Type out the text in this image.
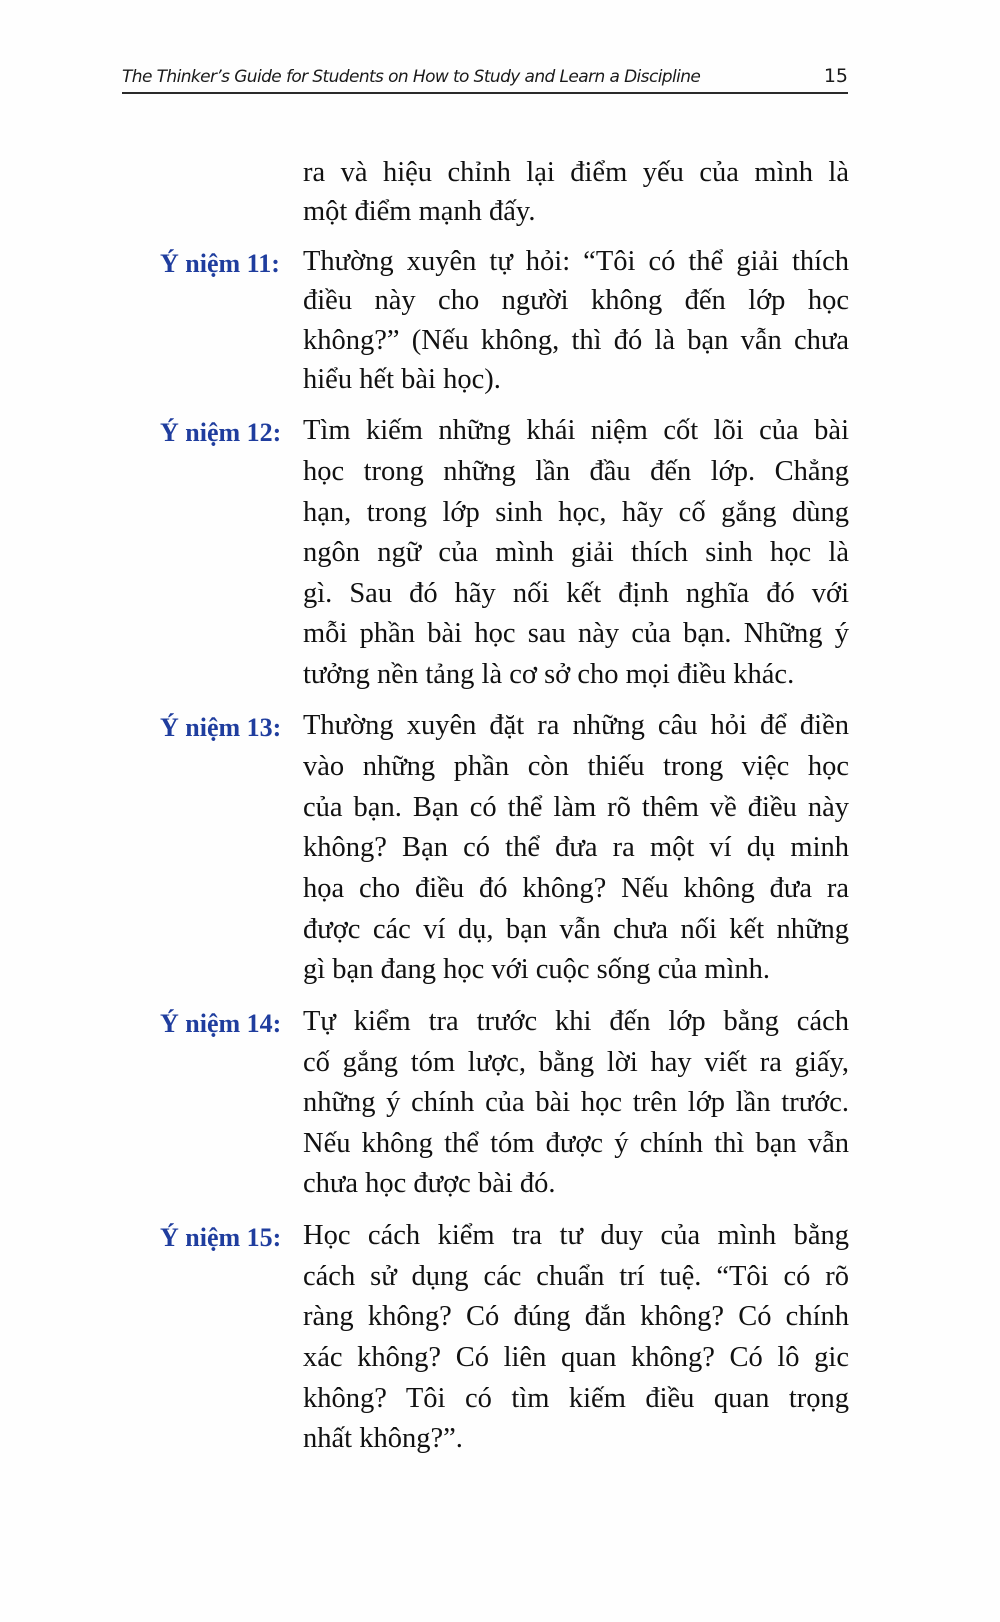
The Thinker’s Guide for Students on How to Study and Learn a Discipline	15
ra và hiệu chỉnh lại điểm yếu của mình là
một điểm mạnh đấy.
Ý niệm 11: Thường xuyên tự hỏi: “Tôi có thể giải thích
điều này cho người không đến lớp học
không?” (Nếu không, thì đó là bạn vẫn chưa
hiểu hết bài học).
Ý niệm 12: Tìm kiếm những khái niệm cốt lõi của bài
học trong những lần đầu đến lớp. Chẳng
hạn, trong lớp sinh học, hãy cố gắng dùng
ngôn ngữ của mình giải thích sinh học là
gì. Sau đó hãy nối kết định nghĩa đó với
mỗi phần bài học sau này của bạn. Những ý
tưởng nền tảng là cơ sở cho mọi điều khác.
Ý niệm 13: Thường xuyên đặt ra những câu hỏi để điền
vào những phần còn thiếu trong việc học
của bạn. Bạn có thể làm rõ thêm về điều này
không? Bạn có thể đưa ra một ví dụ minh
họa cho điều đó không? Nếu không đưa ra
được các ví dụ, bạn vẫn chưa nối kết những
gì bạn đang học với cuộc sống của mình.
Ý niệm 14: Tự kiểm tra trước khi đến lớp bằng cách
cố gắng tóm lược, bằng lời hay viết ra giấy,
những ý chính của bài học trên lớp lần trước.
Nếu không thể tóm được ý chính thì bạn vẫn
chưa học được bài đó.
Ý niệm 15: Học cách kiểm tra tư duy của mình bằng
cách sử dụng các chuẩn trí tuệ. “Tôi có rõ
ràng không? Có đúng đắn không? Có chính
xác không? Có liên quan không? Có lô gic
không? Tôi có tìm kiếm điều quan trọng
nhất không?”.
